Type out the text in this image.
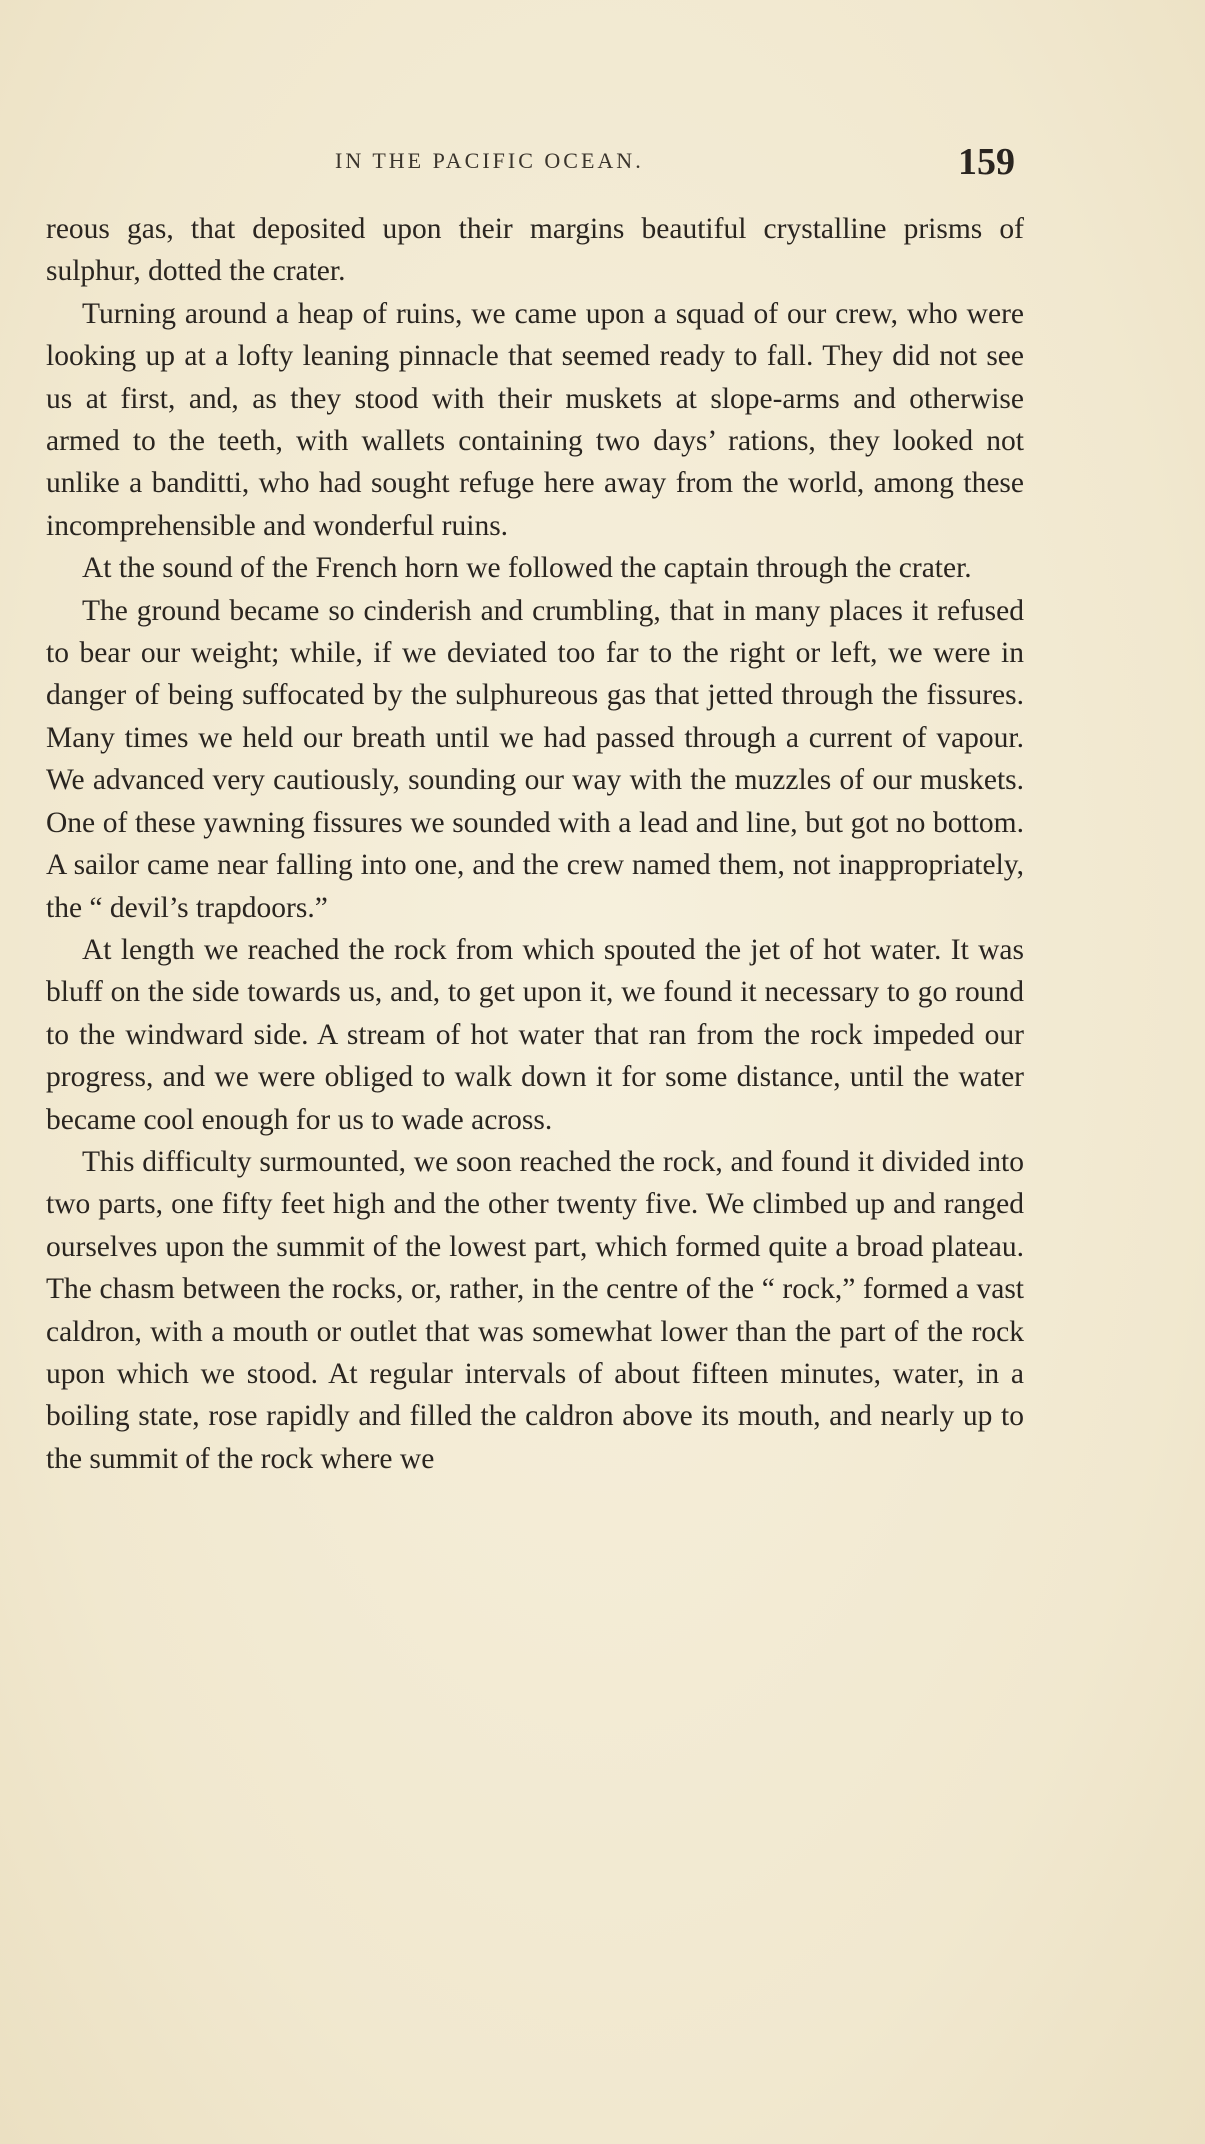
IN THE PACIFIC OCEAN.	159

reous gas, that deposited upon their margins beautiful crystalline prisms of sulphur, dotted the crater.

Turning around a heap of ruins, we came upon a squad of our crew, who were looking up at a lofty leaning pinnacle that seemed ready to fall. They did not see us at first, and, as they stood with their muskets at slope-arms and otherwise armed to the teeth, with wallets containing two days’ rations, they looked not unlike a banditti, who had sought refuge here away from the world, among these incomprehensible and wonderful ruins.

At the sound of the French horn we followed the captain through the crater.

The ground became so cinderish and crumbling, that in many places it refused to bear our weight; while, if we deviated too far to the right or left, we were in danger of being suffocated by the sulphureous gas that jetted through the fissures. Many times we held our breath until we had passed through a current of vapour. We advanced very cautiously, sounding our way with the muzzles of our muskets. One of these yawning fissures we sounded with a lead and line, but got no bottom. A sailor came near falling into one, and the crew named them, not inappropriately, the “ devil’s trapdoors.”

At length we reached the rock from which spouted the jet of hot water. It was bluff on the side towards us, and, to get upon it, we found it necessary to go round to the windward side. A stream of hot water that ran from the rock impeded our progress, and we were obliged to walk down it for some distance, until the water became cool enough for us to wade across.

This difficulty surmounted, we soon reached the rock, and found it divided into two parts, one fifty feet high and the other twenty five. We climbed up and ranged ourselves upon the summit of the lowest part, which formed quite a broad plateau. The chasm between the rocks, or, rather, in the centre of the “ rock,” formed a vast caldron, with a mouth or outlet that was somewhat lower than the part of the rock upon which we stood. At regular intervals of about fifteen minutes, water, in a boiling state, rose rapidly and filled the caldron above its mouth, and nearly up to the summit of the rock where we
